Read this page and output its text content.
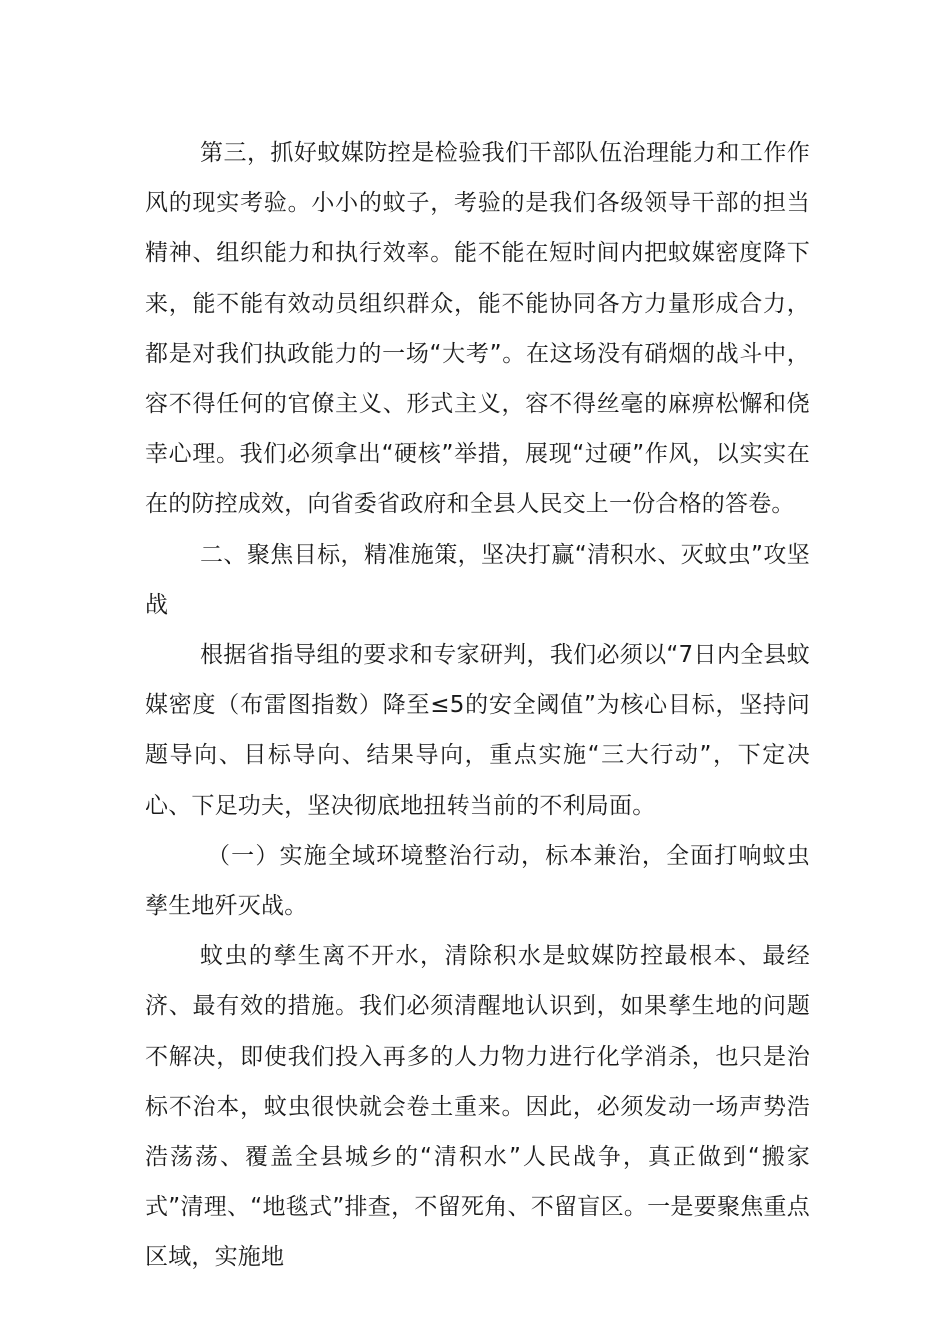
第三，抓好蚊媒防控是检验我们干部队伍治理能力和工作作风的现实考验。小小的蚊子，考验的是我们各级领导干部的担当精神、组织能力和执行效率。能不能在短时间内把蚊媒密度降下来，能不能有效动员组织群众，能不能协同各方力量形成合力，都是对我们执政能力的一场“大考”。在这场没有硝烟的战斗中，容不得任何的官僚主义、形式主义，容不得丝毫的麻痹松懈和侥幸心理。我们必须拿出“硬核”举措，展现“过硬”作风，以实实在在的防控成效，向省委省政府和全县人民交上一份合格的答卷。

二、聚焦目标，精准施策，坚决打赢“清积水、灭蚊虫”攻坚战

根据省指导组的要求和专家研判，我们必须以“7日内全县蚊媒密度（布雷图指数）降至≤5的安全阈值”为核心目标，坚持问题导向、目标导向、结果导向，重点实施“三大行动”，下定决心、下足功夫，坚决彻底地扭转当前的不利局面。

（一）实施全域环境整治行动，标本兼治，全面打响蚊虫孳生地歼灭战。

蚊虫的孳生离不开水，清除积水是蚊媒防控最根本、最经济、最有效的措施。我们必须清醒地认识到，如果孳生地的问题不解决，即使我们投入再多的人力物力进行化学消杀，也只是治标不治本，蚊虫很快就会卷土重来。因此，必须发动一场声势浩浩荡荡、覆盖全县城乡的“清积水”人民战争，真正做到“搬家式”清理、“地毯式”排查，不留死角、不留盲区。一是要聚焦重点区域，实施地
